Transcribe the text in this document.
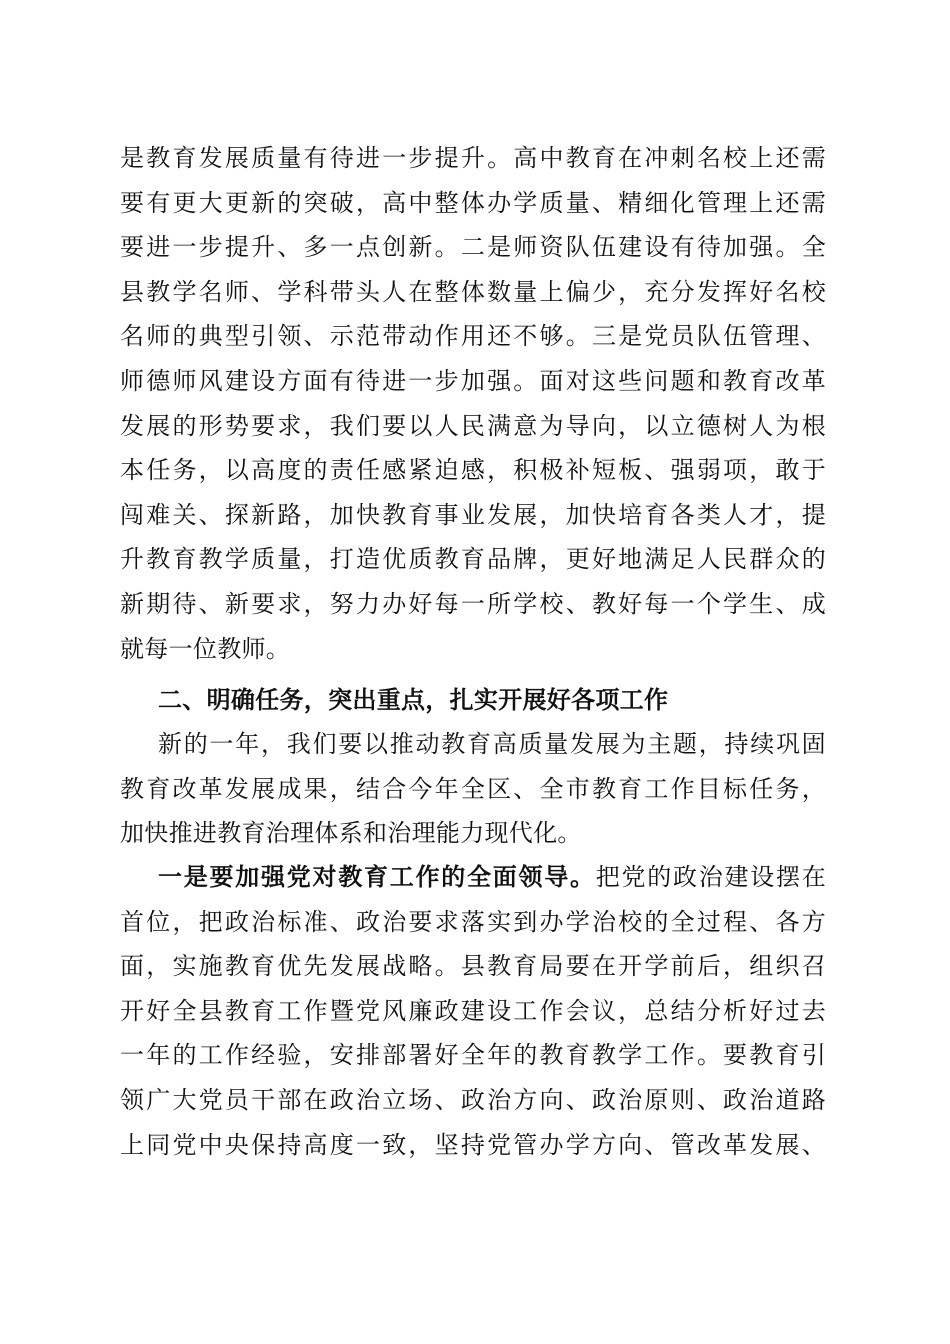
是教育发展质量有待进一步提升。高中教育在冲刺名校上还需
要有更大更新的突破，高中整体办学质量、精细化管理上还需
要进一步提升、多一点创新。二是师资队伍建设有待加强。全
县教学名师、学科带头人在整体数量上偏少，充分发挥好名校
名师的典型引领、示范带动作用还不够。三是党员队伍管理、
师德师风建设方面有待进一步加强。面对这些问题和教育改革
发展的形势要求，我们要以人民满意为导向，以立德树人为根
本任务，以高度的责任感紧迫感，积极补短板、强弱项，敢于
闯难关、探新路，加快教育事业发展，加快培育各类人才，提
升教育教学质量，打造优质教育品牌，更好地满足人民群众的
新期待、新要求，努力办好每一所学校、教好每一个学生、成
就每一位教师。
二、明确任务，突出重点，扎实开展好各项工作
新的一年，我们要以推动教育高质量发展为主题，持续巩固
教育改革发展成果，结合今年全区、全市教育工作目标任务，
加快推进教育治理体系和治理能力现代化。
一是要加强党对教育工作的全面领导。把党的政治建设摆在
首位，把政治标准、政治要求落实到办学治校的全过程、各方
面，实施教育优先发展战略。县教育局要在开学前后，组织召
开好全县教育工作暨党风廉政建设工作会议，总结分析好过去
一年的工作经验，安排部署好全年的教育教学工作。要教育引
领广大党员干部在政治立场、政治方向、政治原则、政治道路
上同党中央保持高度一致，坚持党管办学方向、管改革发展、
